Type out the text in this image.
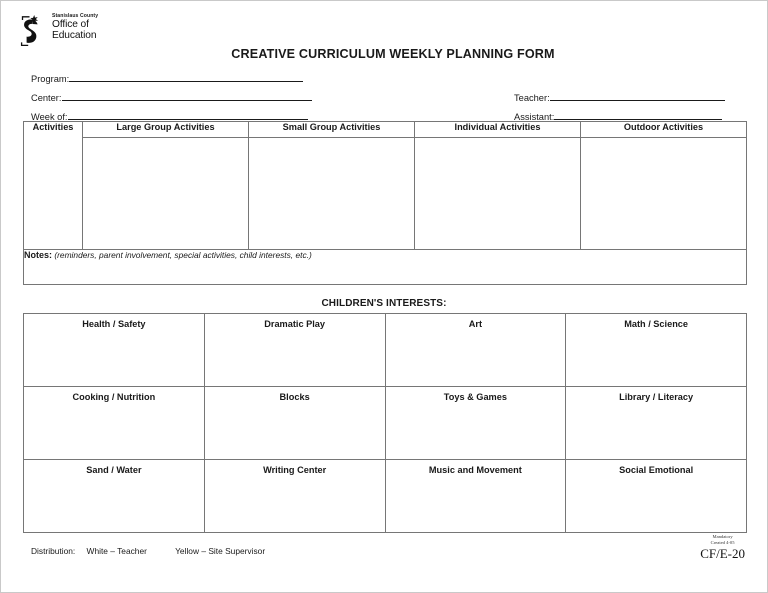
Stanislaus County
Office of
Education
CREATIVE CURRICULUM WEEKLY PLANNING FORM
Program:
Center:
Week of:
Teacher:
Assistant:
Activities	Large Group Activities	Small Group Activities	Individual Activities	Outdoor Activities

Notes: (reminders, parent involvement, special activities, child interests, etc.)				
CHILDREN'S INTERESTS:
Health / Safety	Dramatic Play	Art	Math / Science
Cooking / Nutrition	Blocks	Toys & Games	Library / Literacy
Sand / Water	Writing Center	Music and Movement	Social Emotional
Distribution: White – Teacher	Yellow – Site Supervisor
Mandatory
Created 4-05
CF/E-20
